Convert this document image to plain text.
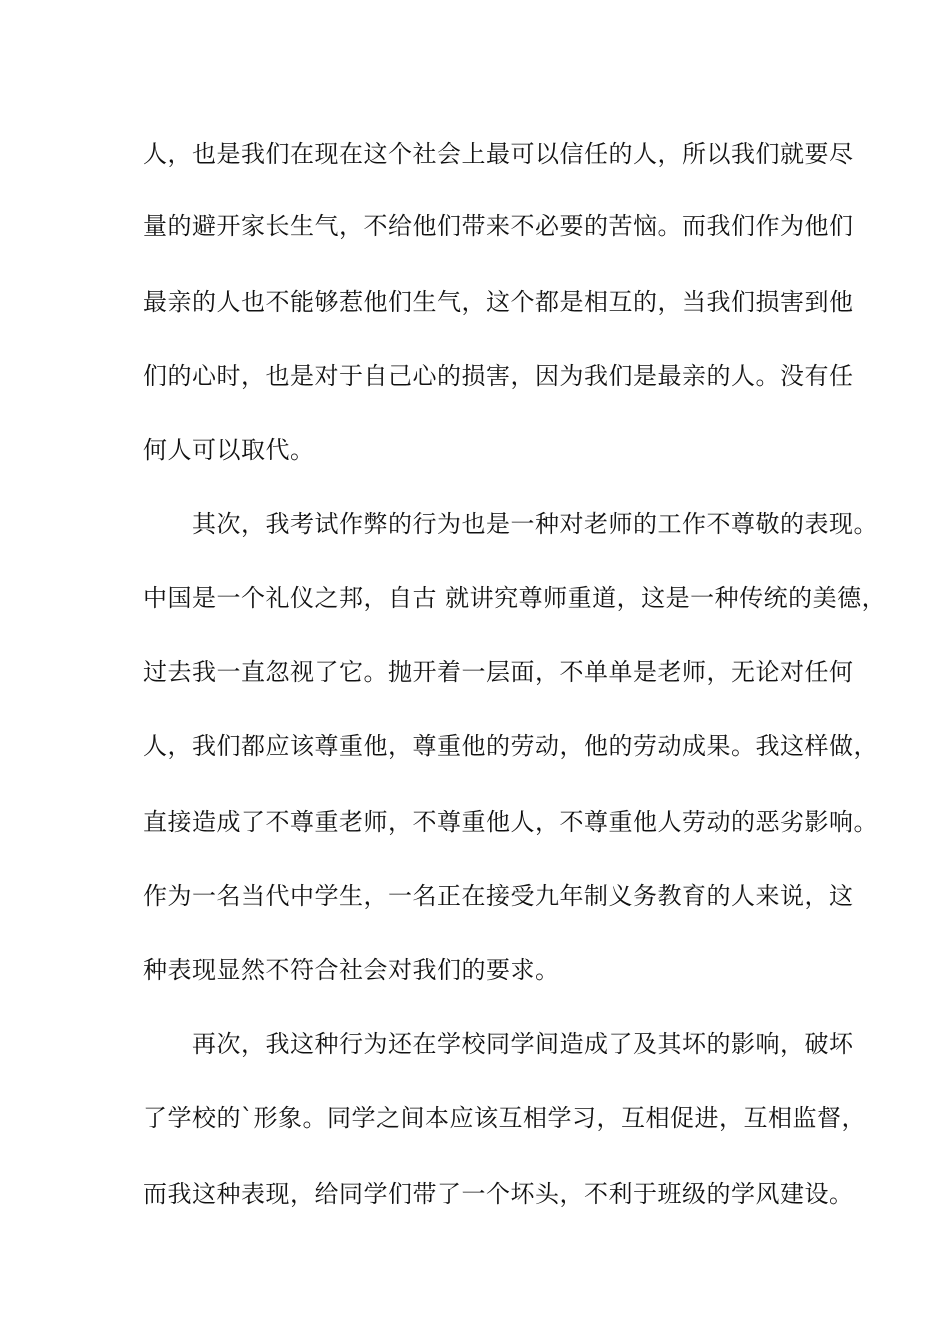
人，也是我们在现在这个社会上最可以信任的人，所以我们就要尽
量的避开家长生气，不给他们带来不必要的苦恼。而我们作为他们
最亲的人也不能够惹他们生气，这个都是相互的，当我们损害到他
们的心时，也是对于自己心的损害，因为我们是最亲的人。没有任
何人可以取代。
　　其次，我考试作弊的行为也是一种对老师的工作不尊敬的表现。
中国是一个礼仪之邦，自古 就讲究尊师重道，这是一种传统的美德，
过去我一直忽视了它。抛开着一层面，不单单是老师，无论对任何
人，我们都应该尊重他，尊重他的劳动，他的劳动成果。我这样做，
直接造成了不尊重老师，不尊重他人，不尊重他人劳动的恶劣影响。
作为一名当代中学生，一名正在接受九年制义务教育的人来说，这
种表现显然不符合社会对我们的要求。
　　再次，我这种行为还在学校同学间造成了及其坏的影响，破坏
了学校的`形象。同学之间本应该互相学习，互相促进，互相监督，
而我这种表现，给同学们带了一个坏头，不利于班级的学风建设。
